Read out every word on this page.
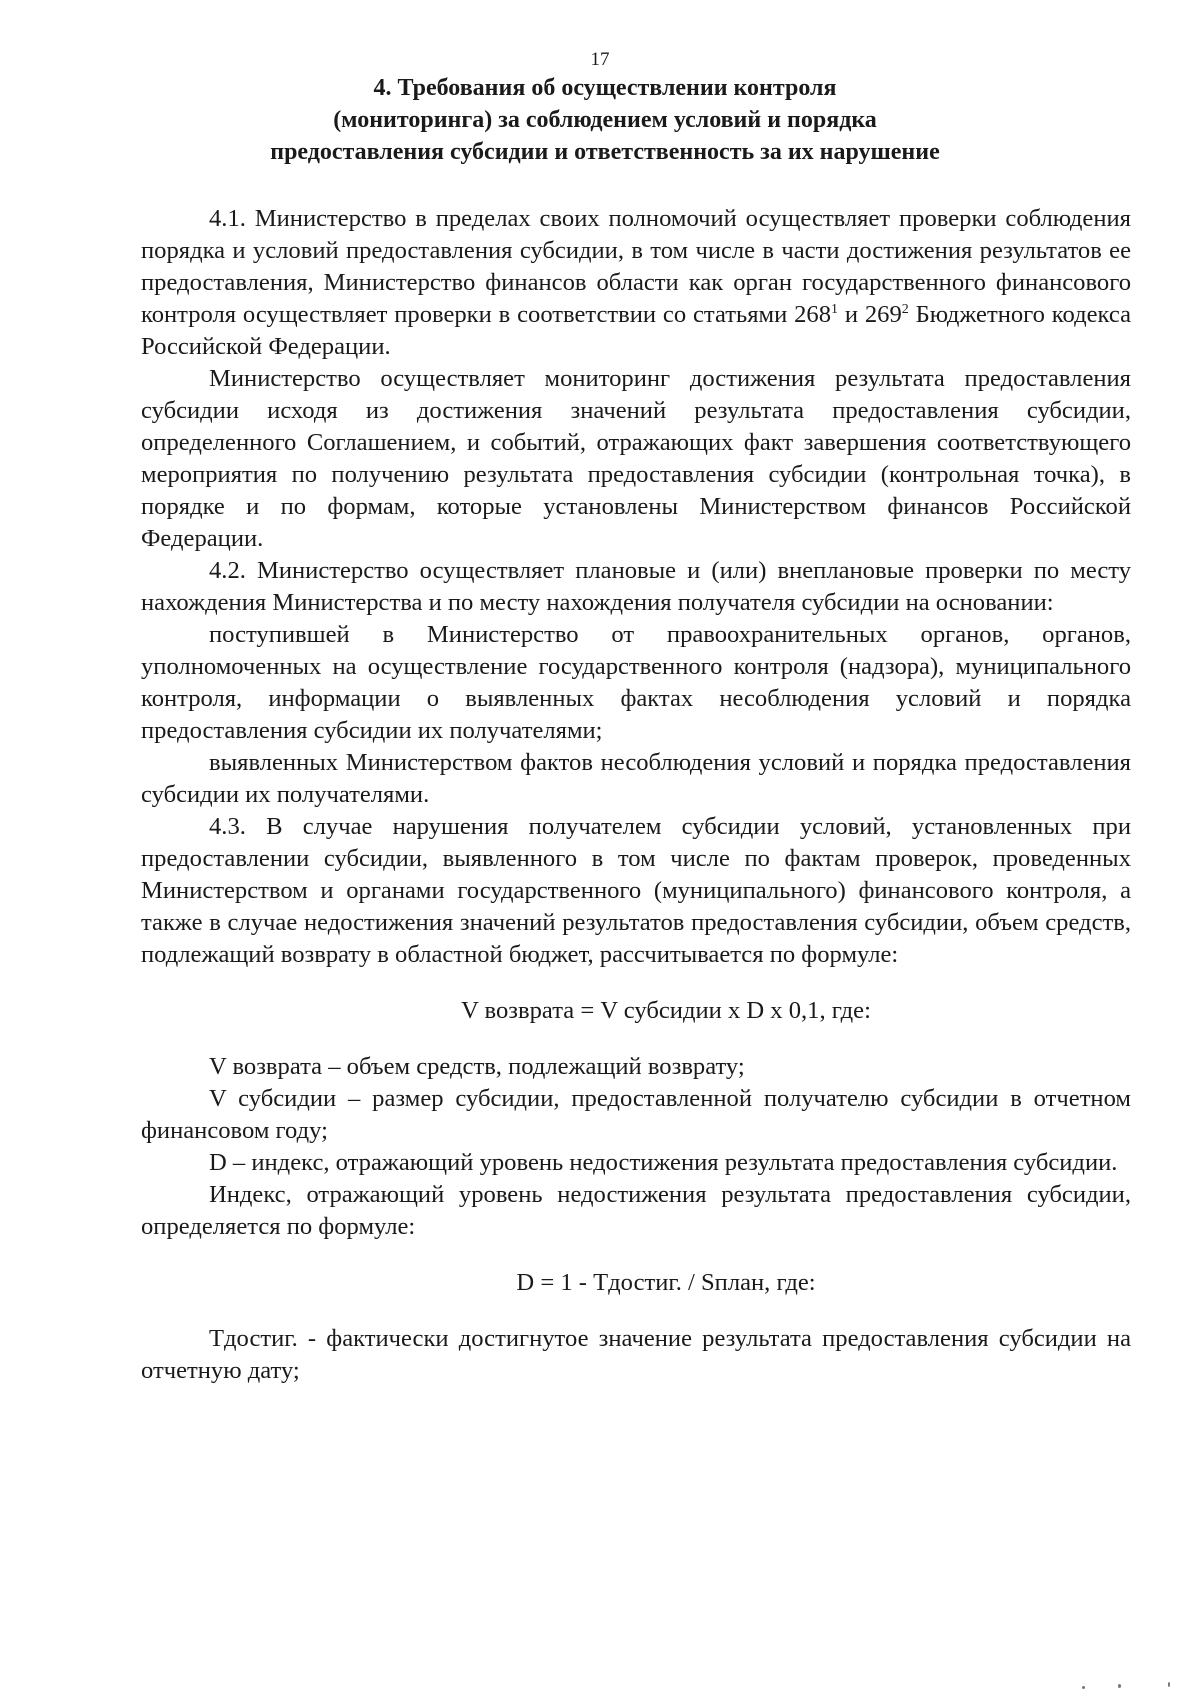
17
4. Требования об осуществлении контроля
(мониторинга) за соблюдением условий и порядка
предоставления субсидии и ответственность за их нарушение

4.1. Министерство в пределах своих полномочий осуществляет проверки соблюдения порядка и условий предоставления субсидии, в том числе в части достижения результатов ее предоставления, Министерство финансов области как орган государственного финансового контроля осуществляет проверки в соответствии со статьями $268^1$ и $269^2$ Бюджетного кодекса Российской Федерации.

Министерство осуществляет мониторинг достижения результата предоставления субсидии исходя из достижения значений результата предоставления субсидии, определенного Соглашением, и событий, отражающих факт завершения соответствующего мероприятия по получению результата предоставления субсидии (контрольная точка), в порядке и по формам, которые установлены Министерством финансов Российской Федерации.

4.2. Министерство осуществляет плановые и (или) внеплановые проверки по месту нахождения Министерства и по месту нахождения получателя субсидии на основании:

поступившей в Министерство от правоохранительных органов, органов, уполномоченных на осуществление государственного контроля (надзора), муниципального контроля, информации о выявленных фактах несоблюдения условий и порядка предоставления субсидии их получателями;

выявленных Министерством фактов несоблюдения условий и порядка предоставления субсидии их получателями.

4.3. В случае нарушения получателем субсидии условий, установленных при предоставлении субсидии, выявленного в том числе по фактам проверок, проведенных Министерством и органами государственного (муниципального) финансового контроля, а также в случае недостижения значений результатов предоставления субсидии, объем средств, подлежащий возврату в областной бюджет, рассчитывается по формуле:

V возврата = V субсидии x D x 0,1, где:

V возврата – объем средств, подлежащий возврату;

V субсидии – размер субсидии, предоставленной получателю субсидии в отчетном финансовом году;

D – индекс, отражающий уровень недостижения результата предоставления субсидии.

Индекс, отражающий уровень недостижения результата предоставления субсидии, определяется по формуле:

D = 1 - Тдостиг. / Sплан, где:

Тдостиг. - фактически достигнутое значение результата предоставления субсидии на отчетную дату;
